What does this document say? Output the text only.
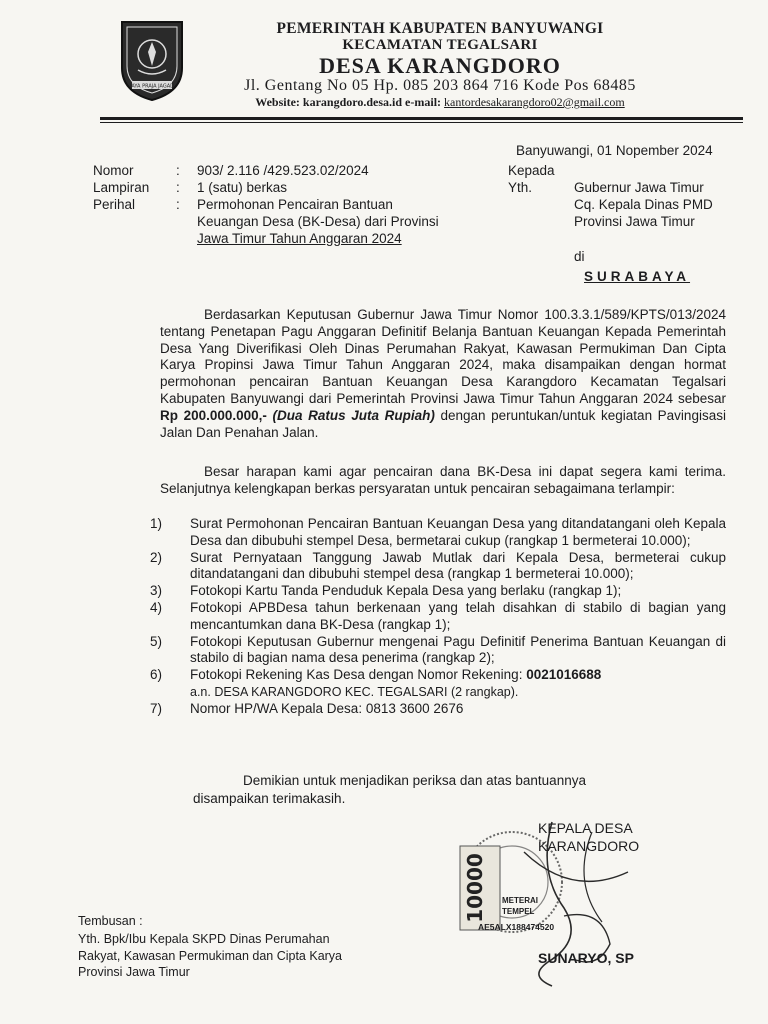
JAYA PRAJA JAGAD
PEMERINTAH KABUPATEN BANYUWANGI
KECAMATAN TEGALSARI
DESA KARANGDORO
Jl. Gentang No 05 Hp. 085 203 864 716 Kode Pos 68485
Website: karangdoro.desa.id e-mail: kantordesakarangdoro02@gmail.com
Banyuwangi, 01 Nopember 2024
Nomor	: 903/ 2.116 /429.523.02/2024
Lampiran : 1 (satu) berkas
Perihal	: Permohonan Pencairan Bantuan
Keuangan Desa (BK-Desa) dari Provinsi
Jawa Timur Tahun Anggaran 2024
Kepada
Yth.	Gubernur Jawa Timur
Cq. Kepala Dinas PMD
Provinsi Jawa Timur
di
SURABAYA

Berdasarkan Keputusan Gubernur Jawa Timur Nomor 100.3.3.1/589/KPTS/013/2024 tentang Penetapan Pagu Anggaran Definitif Belanja Bantuan Keuangan Kepada Pemerintah Desa Yang Diverifikasi Oleh Dinas Perumahan Rakyat, Kawasan Permukiman Dan Cipta Karya Propinsi Jawa Timur Tahun Anggaran 2024, maka disampaikan dengan hormat permohonan pencairan Bantuan Keuangan Desa Karangdoro Kecamatan Tegalsari Kabupaten Banyuwangi dari Pemerintah Provinsi Jawa Timur Tahun Anggaran 2024 sebesar Rp 200.000.000,- (Dua Ratus Juta Rupiah) dengan peruntukan/untuk kegiatan Pavingisasi Jalan Dan Penahan Jalan.

Besar harapan kami agar pencairan dana BK-Desa ini dapat segera kami terima. Selanjutnya kelengkapan berkas persyaratan untuk pencairan sebagaimana terlampir:

1) Surat Permohonan Pencairan Bantuan Keuangan Desa yang ditandatangani oleh Kepala Desa dan dibubuhi stempel Desa, bermetarai cukup (rangkap 1 bermeterai 10.000);
2) Surat Pernyataan Tanggung Jawab Mutlak dari Kepala Desa, bermeterai cukup ditandatangani dan dibubuhi stempel desa (rangkap 1 bermeterai 10.000);
3) Fotokopi Kartu Tanda Penduduk Kepala Desa yang berlaku (rangkap 1);
4) Fotokopi APBDesa tahun berkenaan yang telah disahkan di stabilo di bagian yang mencantumkan dana BK-Desa (rangkap 1);
5) Fotokopi Keputusan Gubernur mengenai Pagu Definitif Penerima Bantuan Keuangan di stabilo di bagian nama desa penerima (rangkap 2);
6) Fotokopi Rekening Kas Desa dengan Nomor Rekening: 0021016688
a.n. DESA KARANGDORO KEC. TEGALSARI (2 rangkap).
7) Nomor HP/WA Kepala Desa: 0813 3600 2676
Demikian untuk menjadikan periksa dan atas bantuannya
disampaikan terimakasih.
10000 METERAI
TEMPEL
AE5ALX188474520
KEPALA DESA
KARANGDORO
SUNARYO, SP
Tembusan :
Yth. Bpk/Ibu Kepala SKPD Dinas Perumahan
Rakyat, Kawasan Permukiman dan Cipta Karya
Provinsi Jawa Timur
